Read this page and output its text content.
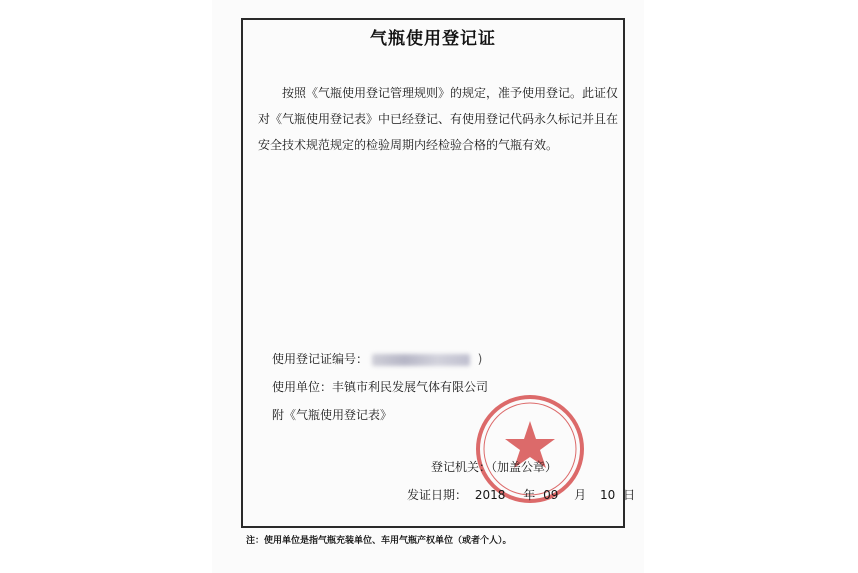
气瓶使用登记证

按照《气瓶使用登记管理规则》的规定，准予使用登记。此证仅

对《气瓶使用登记表》中已经登记、有使用登记代码永久标记并且在

安全技术规范规定的检验周期内经检验合格的气瓶有效。

使用登记证编号：	)
使用单位：丰镇市利民发展气体有限公司
附《气瓶使用登记表》
登记机关：（加盖公章）
发证日期： 2018 年 09 月 10 日
注：使用单位是指气瓶充装单位、车用气瓶产权单位（或者个人）。
